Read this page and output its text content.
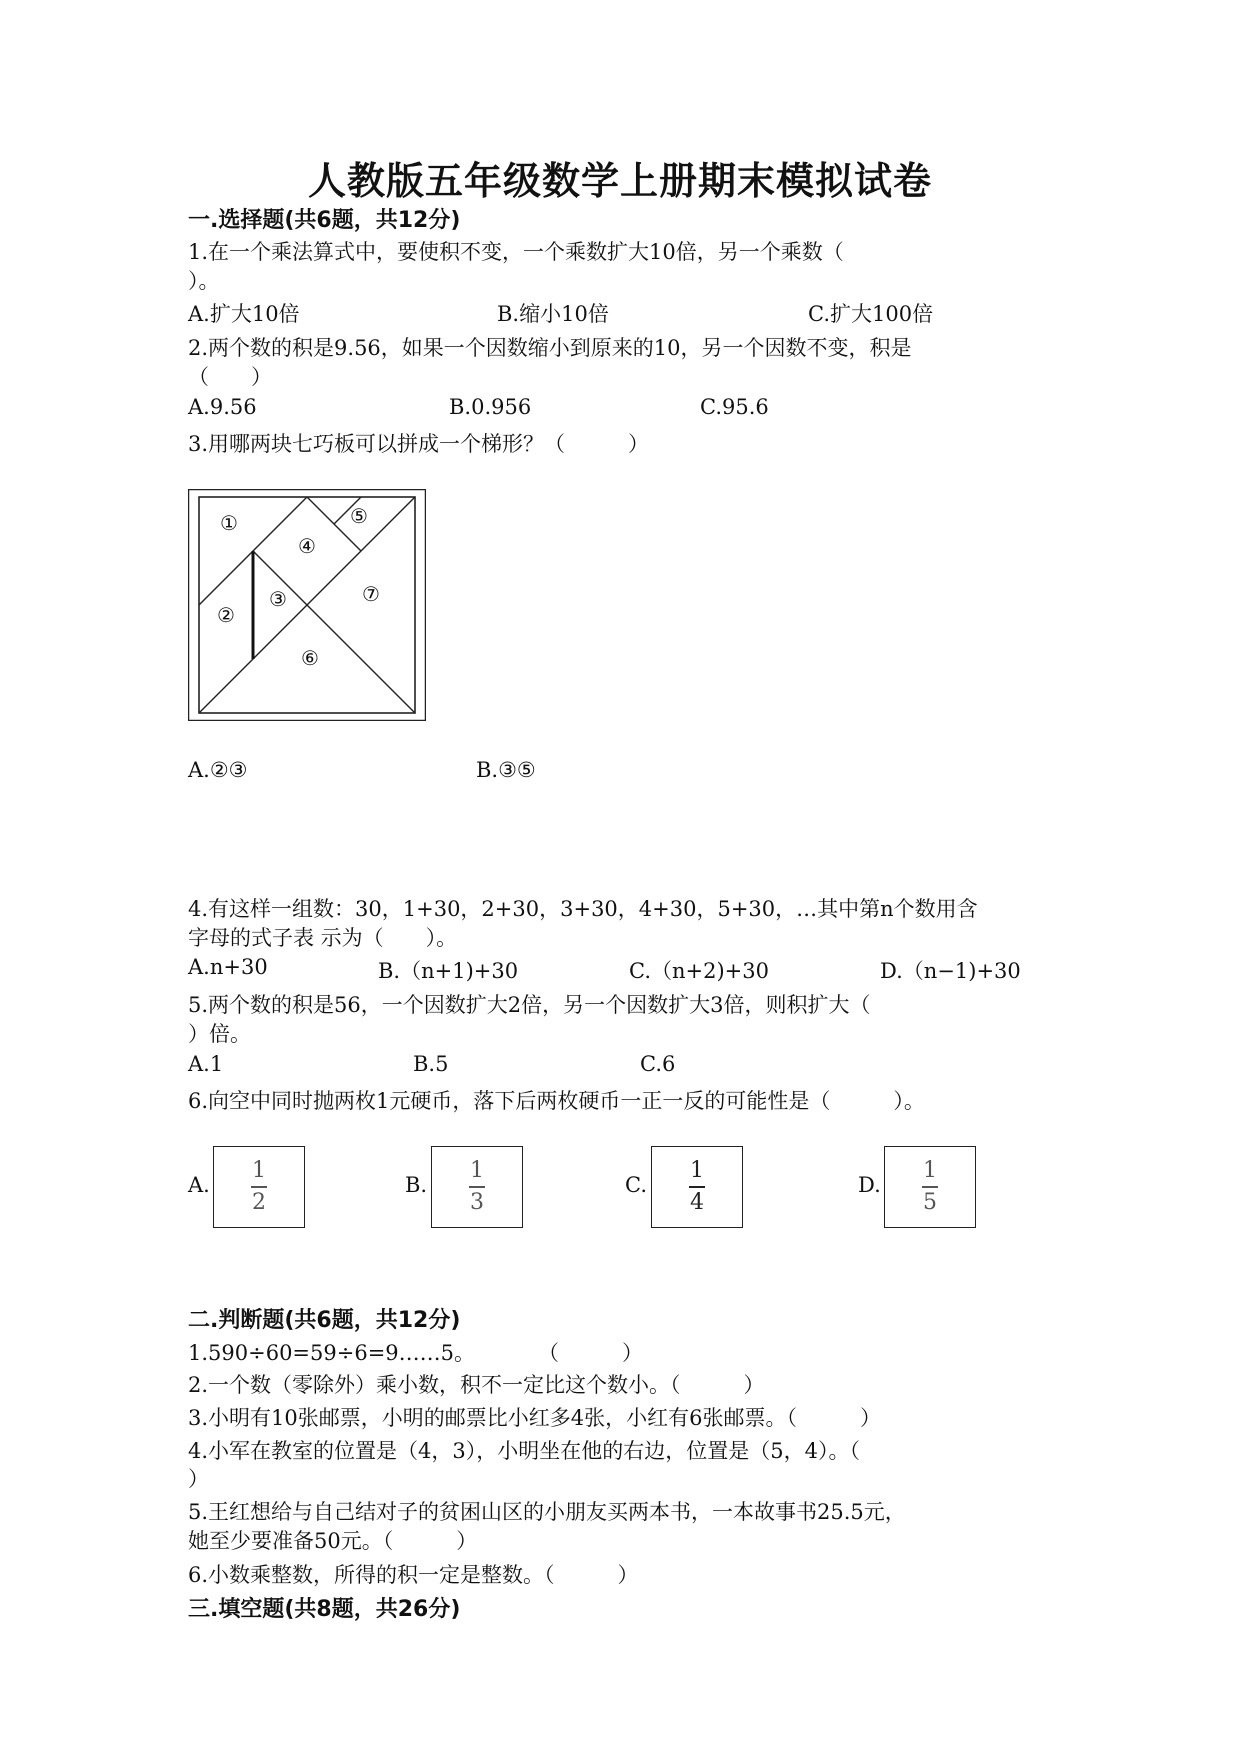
人教版五年级数学上册期末模拟试卷
一.选择题(共6题，共12分)
1.在一个乘法算式中，要使积不变，一个乘数扩大10倍，另一个乘数（
）。
A.扩大10倍	B.缩小10倍	C.扩大100倍
2.两个数的积是9.56，如果一个因数缩小到原来的10，另一个因数不变，积是
（　　）
A.9.56	B.0.956	C.95.6
3.用哪两块七巧板可以拼成一个梯形？（　　　）
①
②
③
④
⑤
⑥
⑦
A.②③	B.③⑤
4.有这样一组数：30，1+30，2+30，3+30，4+30，5+30，…其中第n个数用含
字母的式子表 示为（　　）。
A.n+30	B.（n+1)+30	C.（n+2)+30	D.（n−1)+30
5.两个数的积是56，一个因数扩大2倍，另一个因数扩大3倍，则积扩大（
）倍。
A.1	B.5	C.6
6.向空中同时抛两枚1元硬币，落下后两枚硬币一正一反的可能性是（　　　）。
A.
1
2
B.
1
3
C.
1
4
D.
1
5
二.判断题(共6题，共12分)
1.590÷60=59÷6=9……5。　　　　（　　　）
2.一个数（零除外）乘小数，积不一定比这个数小。（　　　）
3.小明有10张邮票，小明的邮票比小红多4张，小红有6张邮票。（　　　）
4.小军在教室的位置是（4，3），小明坐在他的右边，位置是（5，4）。（
）
5.王红想给与自己结对子的贫困山区的小朋友买两本书，一本故事书25.5元，
她至少要准备50元。（　　　）
6.小数乘整数，所得的积一定是整数。（　　　）
三.填空题(共8题，共26分)
